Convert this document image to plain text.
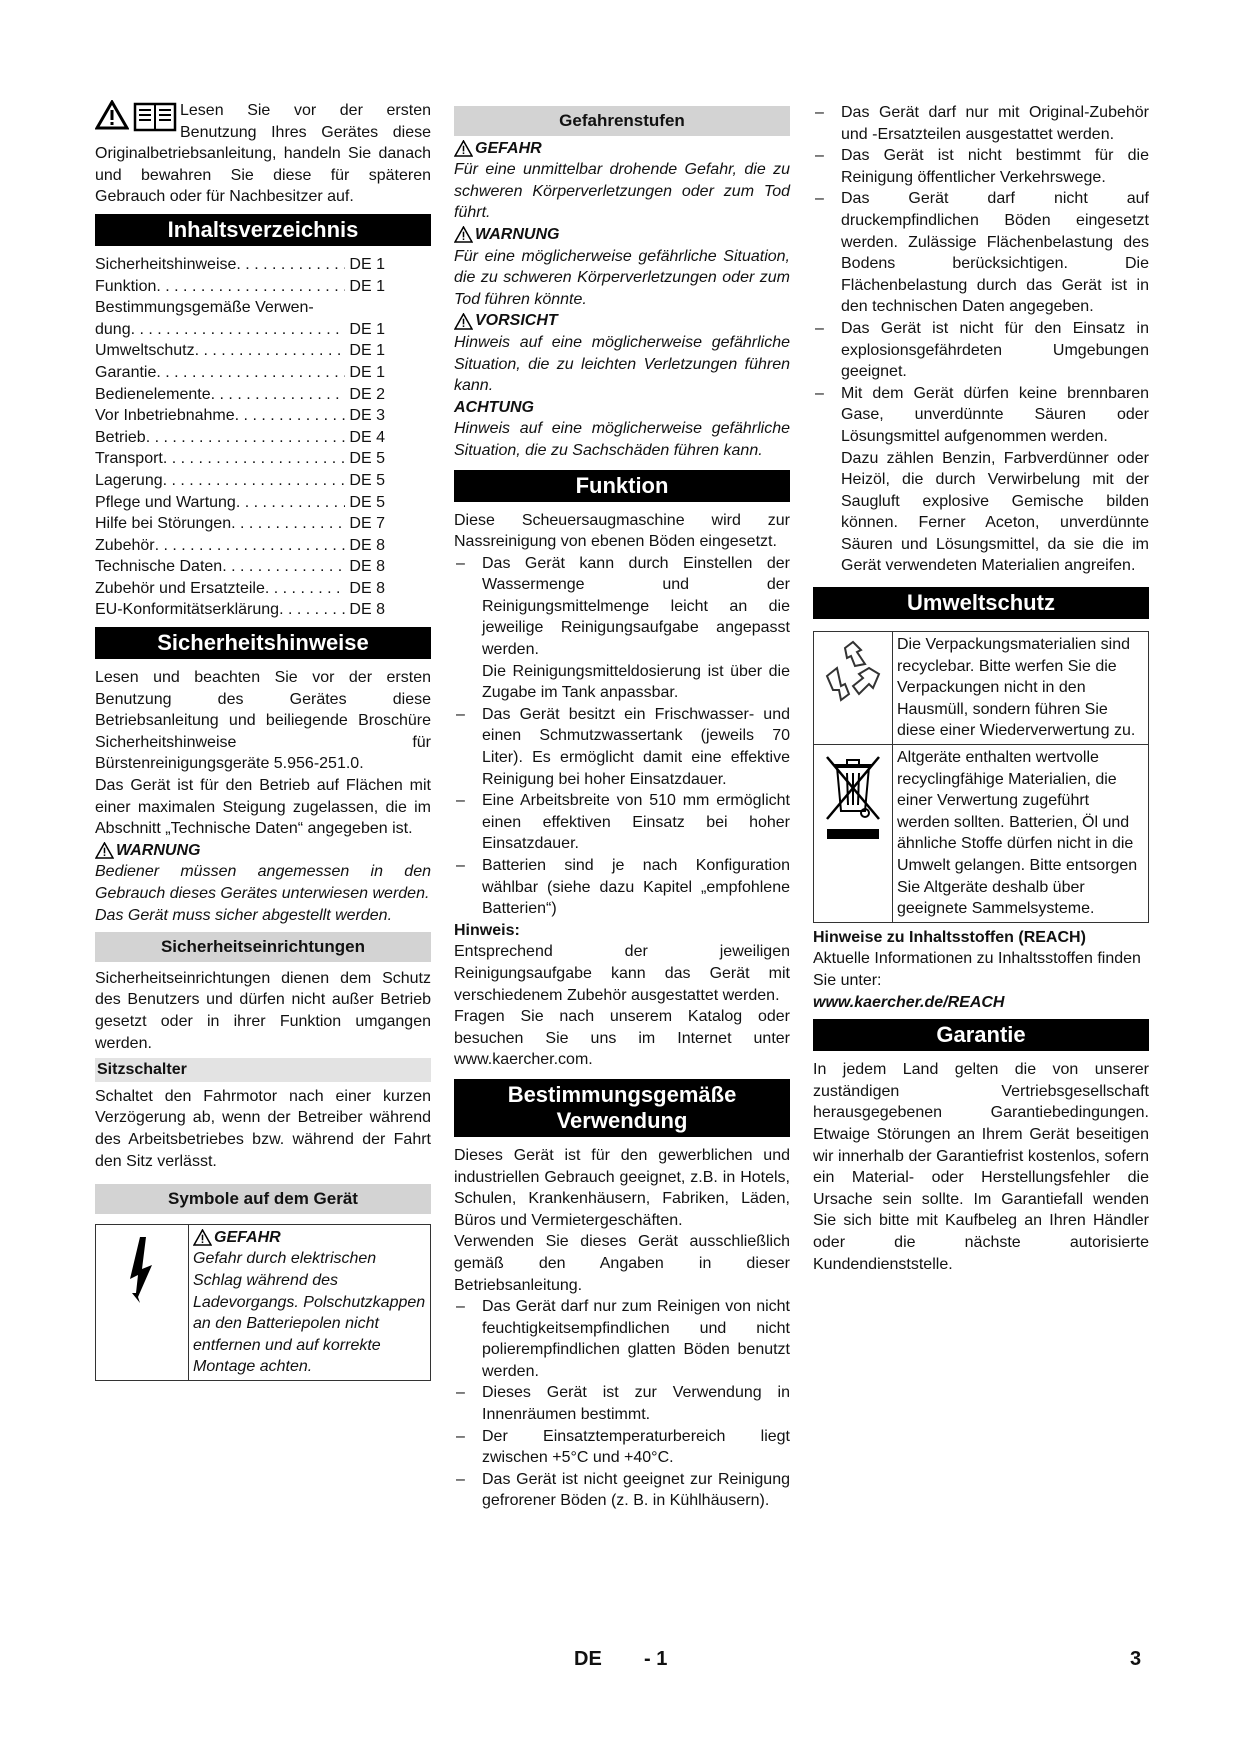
Lesen Sie vor der ersten Benutzung Ihres Gerätes diese Originalbetriebsanleitung, handeln Sie danach und bewahren Sie diese für späteren Gebrauch oder für Nachbesitzer auf.

Inhaltsverzeichnis
Sicherheitshinweise . . .	DE 1
Funktion . . .	DE 1
Bestimmungsgemäße Verwen-
dung . . .	DE 1
Umweltschutz . . .	DE 1
Garantie . . .	DE 1
Bedienelemente . . .	DE 2
Vor Inbetriebnahme . . .	DE 3
Betrieb . . .	DE 4
Transport . . .	DE 5
Lagerung . . .	DE 5
Pflege und Wartung . . .	DE 5
Hilfe bei Störungen . . .	DE 7
Zubehör . . .	DE 8
Technische Daten . . .	DE 8
Zubehör und Ersatzteile . . .	DE 8
EU-Konformitätserklärung . . .	DE 8
Sicherheitshinweise

Lesen und beachten Sie vor der ersten Benutzung des Gerätes diese Betriebsanleitung und beiliegende Broschüre Sicherheitshinweise für Bürstenreinigungsgeräte 5.956-251.0.

Das Gerät ist für den Betrieb auf Flächen mit einer maximalen Steigung zugelassen, die im Abschnitt „Technische Daten“ angegeben ist.

WARNUNG

Bediener müssen angemessen in den Gebrauch dieses Gerätes unterwiesen werden.

Das Gerät muss sicher abgestellt werden.

Sicherheitseinrichtungen

Sicherheitseinrichtungen dienen dem Schutz des Benutzers und dürfen nicht außer Betrieb gesetzt oder in ihrer Funktion umgangen werden.

Sitzschalter

Schaltet den Fahrmotor nach einer kurzen Verzögerung ab, wenn der Betreiber während des Arbeitsbetriebes bzw. während der Fahrt den Sitz verlässt.

Symbole auf dem Gerät

GEFAHR

Gefahr durch elektrischen Schlag während des Ladevorgangs. Polschutzkappen an den Batteriepolen nicht entfernen und auf korrekte Montage achten.

Gefahrenstufen
GEFAHR

Für eine unmittelbar drohende Gefahr, die zu schweren Körperverletzungen oder zum Tod führt.

WARNUNG

Für eine möglicherweise gefährliche Situation, die zu schweren Körperverletzungen oder zum Tod führen könnte.

VORSICHT

Hinweis auf eine möglicherweise gefährliche Situation, die zu leichten Verletzungen führen kann.

ACHTUNG

Hinweis auf eine möglicherweise gefährliche Situation, die zu Sachschäden führen kann.

Funktion

Diese Scheuersaugmaschine wird zur Nassreinigung von ebenen Böden eingesetzt.

– Das Gerät kann durch Einstellen der Wassermenge und der Reinigungsmittelmenge leicht an die jeweilige Reinigungsaufgabe angepasst werden.
Die Reinigungsmitteldosierung ist über die Zugabe im Tank anpassbar.
– Das Gerät besitzt ein Frischwasser- und einen Schmutzwassertank (jeweils 70 Liter). Es ermöglicht damit eine effektive Reinigung bei hoher Einsatzdauer.
– Eine Arbeitsbreite von 510 mm ermöglicht einen effektiven Einsatz bei hoher Einsatzdauer.
– Batterien sind je nach Konfiguration wählbar (siehe dazu Kapitel „empfohlene Batterien“)
Hinweis:

Entsprechend der jeweiligen Reinigungsaufgabe kann das Gerät mit verschiedenem Zubehör ausgestattet werden.

Fragen Sie nach unserem Katalog oder besuchen Sie uns im Internet unter www.kaercher.com.

Bestimmungsgemäße
Verwendung

Dieses Gerät ist für den gewerblichen und industriellen Gebrauch geeignet, z.B. in Hotels, Schulen, Krankenhäusern, Fabriken, Läden, Büros und Vermietergeschäften.

Verwenden Sie dieses Gerät ausschließlich gemäß den Angaben in dieser Betriebsanleitung.

– Das Gerät darf nur zum Reinigen von nicht feuchtigkeitsempfindlichen und nicht polierempfindlichen glatten Böden benutzt werden.
– Dieses Gerät ist zur Verwendung in Innenräumen bestimmt.
– Der Einsatztemperaturbereich liegt zwischen +5°C und +40°C.
– Das Gerät ist nicht geeignet zur Reinigung gefrorener Böden (z. B. in Kühlhäusern).
– Das Gerät darf nur mit Original-Zubehör und -Ersatzteilen ausgestattet werden.
– Das Gerät ist nicht bestimmt für die Reinigung öffentlicher Verkehrswege.
– Das Gerät darf nicht auf druckempfindlichen Böden eingesetzt werden. Zulässige Flächenbelastung des Bodens berücksichtigen. Die Flächenbelastung durch das Gerät ist in den technischen Daten angegeben.
– Das Gerät ist nicht für den Einsatz in explosionsgefährdeten Umgebungen geeignet.
– Mit dem Gerät dürfen keine brennbaren Gase, unverdünnte Säuren oder Lösungsmittel aufgenommen werden.
Dazu zählen Benzin, Farbverdünner oder Heizöl, die durch Verwirbelung mit der Saugluft explosive Gemische bilden können. Ferner Aceton, unverdünnte Säuren und Lösungsmittel, da sie die im Gerät verwendeten Materialien angreifen.
Umweltschutz
	Die Verpackungsmaterialien sind recyclebar. Bitte werfen Sie die Verpackungen nicht in den Hausmüll, sondern führen Sie diese einer Wiederverwertung zu.
	Altgeräte enthalten wertvolle recyclingfähige Materialien, die einer Verwertung zugeführt werden sollten. Batterien, Öl und ähnliche Stoffe dürfen nicht in die Umwelt gelangen. Bitte entsorgen Sie Altgeräte deshalb über geeignete Sammelsysteme.
Hinweise zu Inhaltsstoffen (REACH)

Aktuelle Informationen zu Inhaltsstoffen finden Sie unter:

www.kaercher.de/REACH
Garantie

In jedem Land gelten die von unserer zuständigen Vertriebsgesellschaft herausgegebenen Garantiebedingungen. Etwaige Störungen an Ihrem Gerät beseitigen wir innerhalb der Garantiefrist kostenlos, sofern ein Material- oder Herstellungsfehler die Ursache sein sollte. Im Garantiefall wenden Sie sich bitte mit Kaufbeleg an Ihren Händler oder die nächste autorisierte Kundendienststelle.

DE - 1	3
